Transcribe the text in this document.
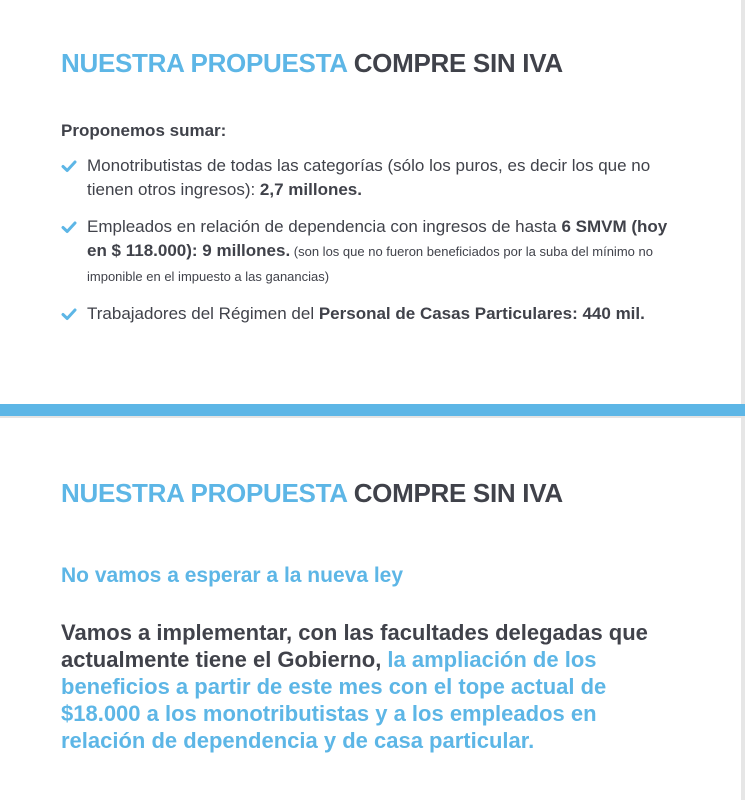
NUESTRA PROPUESTA COMPRE SIN IVA

Proponemos sumar:

Monotributistas de todas las categorías (sólo los puros, es decir los que no tienen otros ingresos): 2,7 millones.
Empleados en relación de dependencia con ingresos de hasta 6 SMVM (hoy en $ 118.000): 9 millones. (son los que no fueron beneficiados por la suba del mínimo no imponible en el impuesto a las ganancias)
Trabajadores del Régimen del Personal de Casas Particulares: 440 mil.
NUESTRA PROPUESTA COMPRE SIN IVA
No vamos a esperar a la nueva ley

Vamos a implementar, con las facultades delegadas que actualmente tiene el Gobierno, la ampliación de los beneficios a partir de este mes con el tope actual de $18.000 a los monotributistas y a los empleados en relación de dependencia y de casa particular.
